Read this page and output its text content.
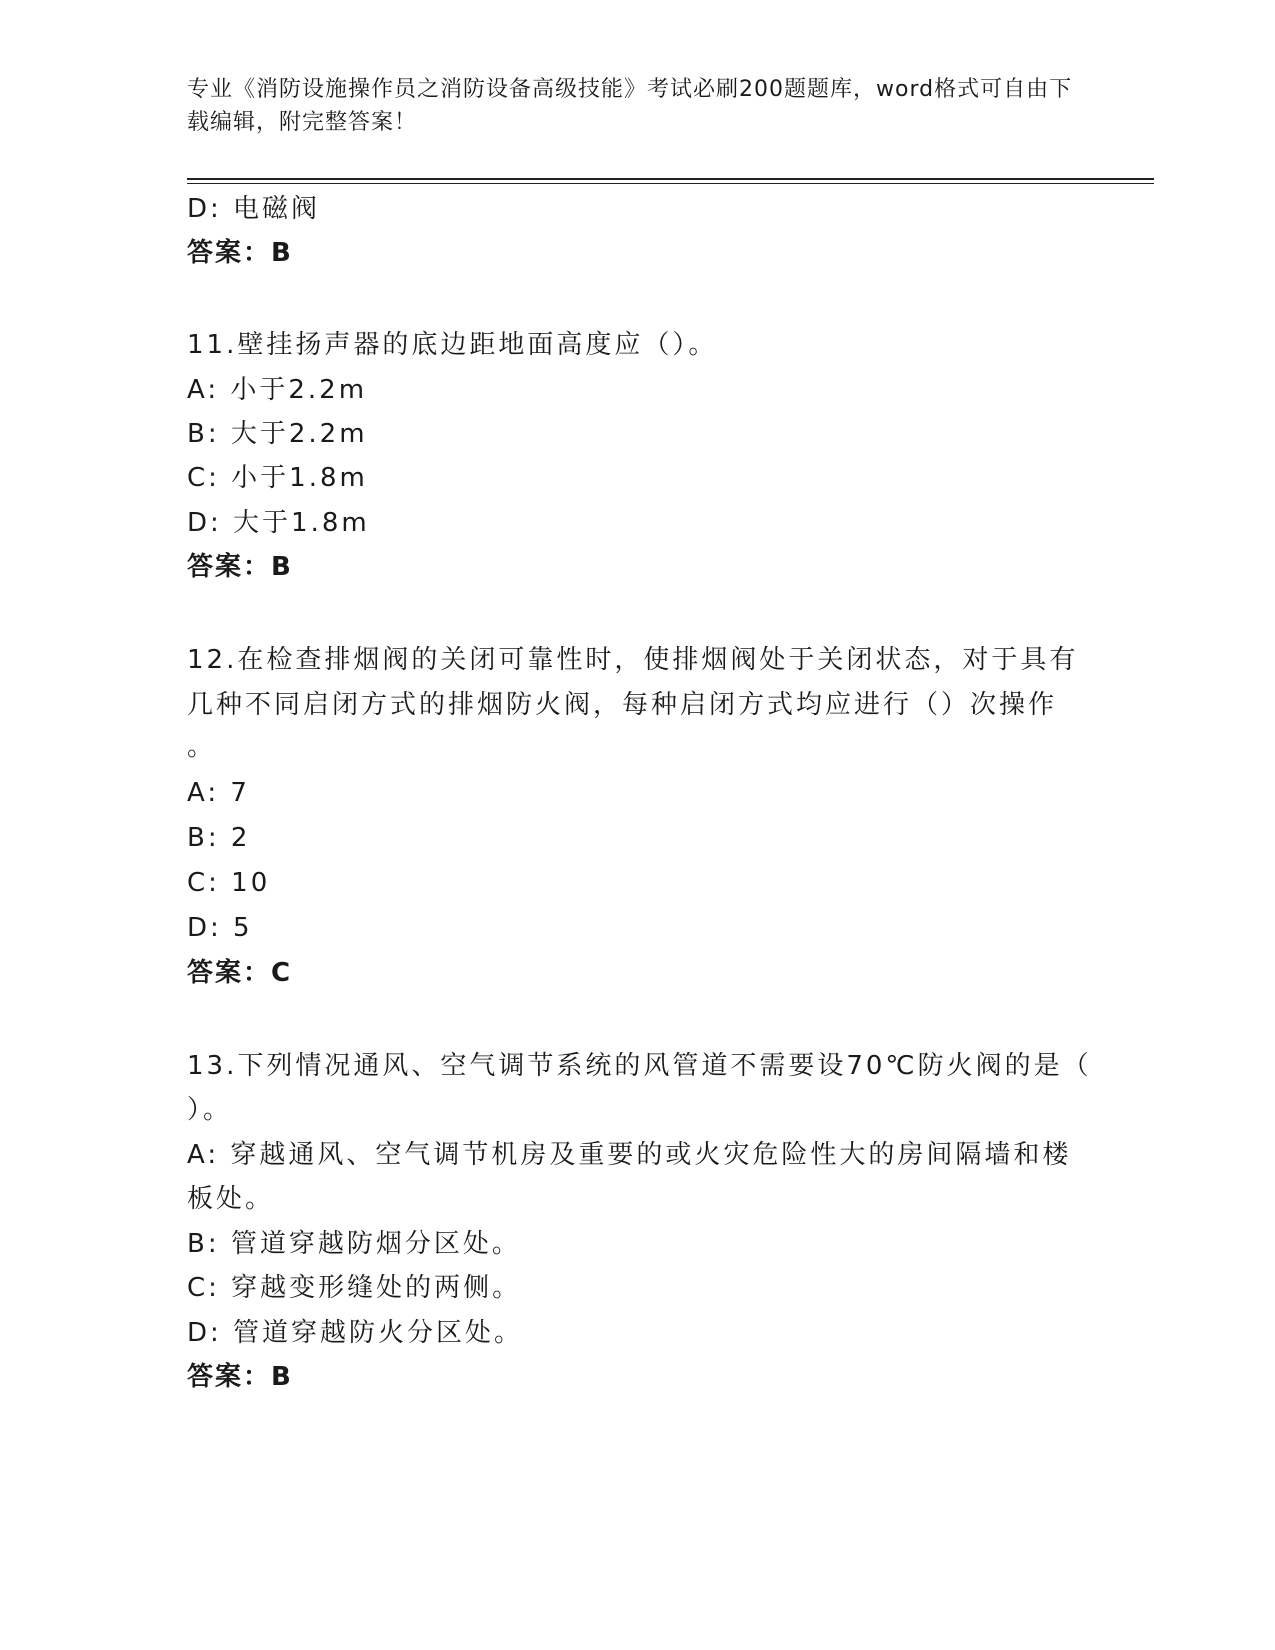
专业《消防设施操作员之消防设备高级技能》考试必刷200题题库，word格式可自由下载编辑，附完整答案！
D: 电磁阀
答案：B
11.壁挂扬声器的底边距地面高度应（）。
A: 小于2.2m
B: 大于2.2m
C: 小于1.8m
D: 大于1.8m
答案：B
12.在检查排烟阀的关闭可靠性时，使排烟阀处于关闭状态，对于具有
几种不同启闭方式的排烟防火阀，每种启闭方式均应进行（）次操作
。
A: 7
B: 2
C: 10
D: 5
答案：C
13.下列情况通风、空气调节系统的风管道不需要设70℃防火阀的是（
）。
A: 穿越通风、空气调节机房及重要的或火灾危险性大的房间隔墙和楼
板处。
B: 管道穿越防烟分区处。
C: 穿越变形缝处的两侧。
D: 管道穿越防火分区处。
答案：B
